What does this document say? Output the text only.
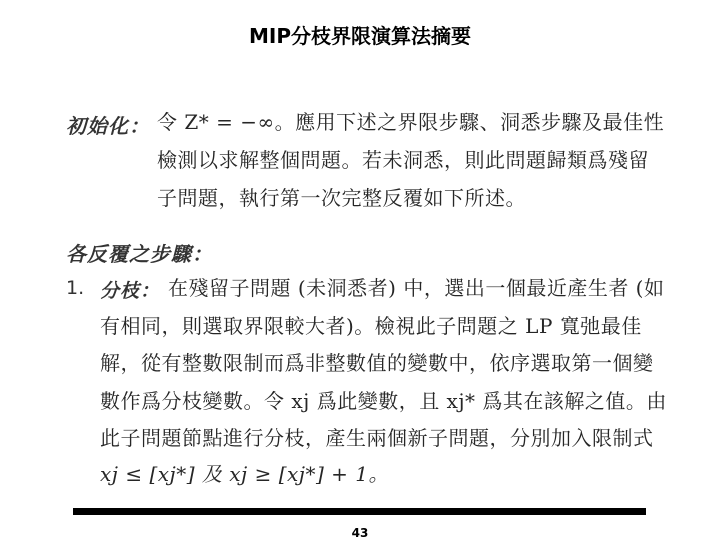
MIP分枝界限演算法摘要
初始化： 令 Z* = −∞。應用下述之界限步驟、洞悉步驟及最佳性
檢測以求解整個問題。若未洞悉，則此問題歸類爲殘留
子問題，執行第一次完整反覆如下所述。
各反覆之步驟：
1. 分枝： 在殘留子問題 (未洞悉者) 中，選出一個最近產生者 (如
有相同，則選取界限較大者)。檢視此子問題之 LP 寬弛最佳
解，從有整數限制而爲非整數值的變數中，依序選取第一個變
數作爲分枝變數。令 xj 爲此變數，且 xj* 爲其在該解之值。由
此子問題節點進行分枝，產生兩個新子問題，分別加入限制式
xj ≤ [xj*] 及 xj ≥ [xj*] + 1。
43
